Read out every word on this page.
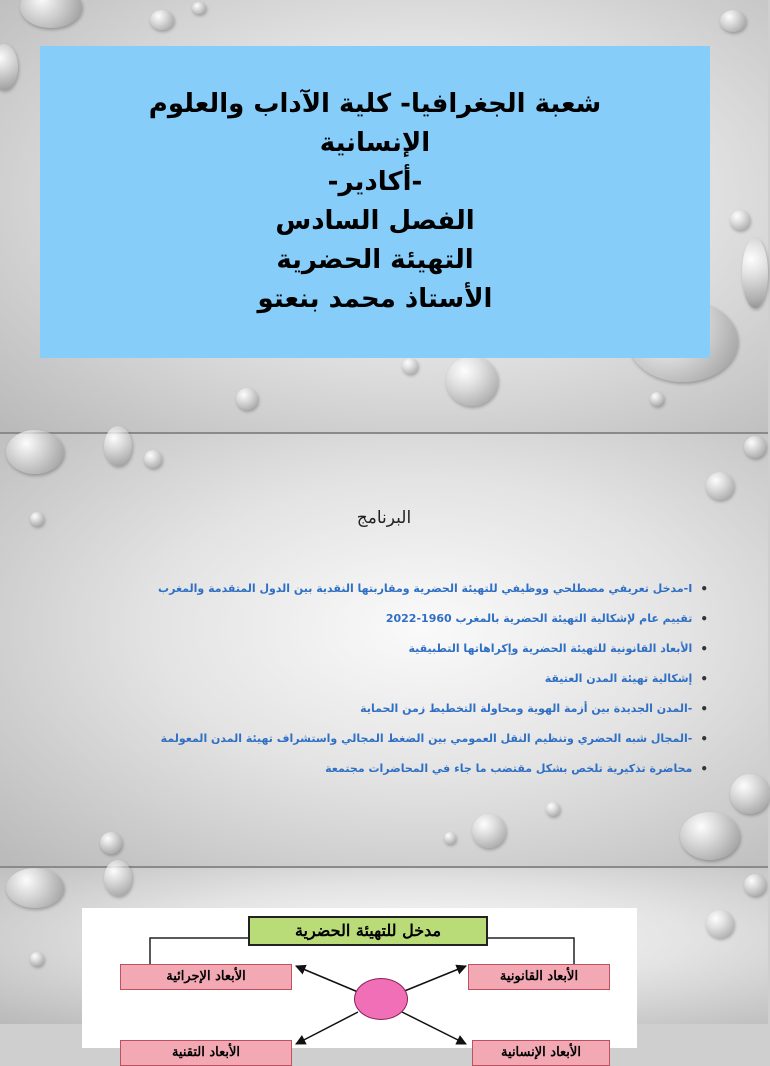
شعبة الجغرافيا- كلية الآداب والعلوم
الإنسانية
-أكادير-
الفصل السادس
التهيئة الحضرية
الأستاذ محمد بنعتو
البرنامج
•
I-مدخل تعريفي مصطلحي ووظيفي للتهيئة الحضرية ومقاربتها النقدية بين الدول المتقدمة والمغرب
•
تقييم عام لإشكالية التهيئة الحضرية بالمغرب 1960-2022
•
الأبعاد القانونية للتهيئة الحضرية وإكراهاتها التطبيقية
•
إشكالية تهيئة المدن العتيقة
•
-المدن الجديدة بين أزمة الهوية ومحاولة التخطيط زمن الحماية
•
-المجال شبه الحضري وتنظيم النقل العمومي بين الضغط المجالي واستشراف تهيئة المدن المعولمة
•
محاضرة تذكيرية تلخص بشكل مقتضب ما جاء في المحاضرات مجتمعة
مدخل للتهيئة الحضرية
الأبعاد القانونية
الأبعاد الإجرائية
الأبعاد الإنسانية
الأبعاد التقنية
